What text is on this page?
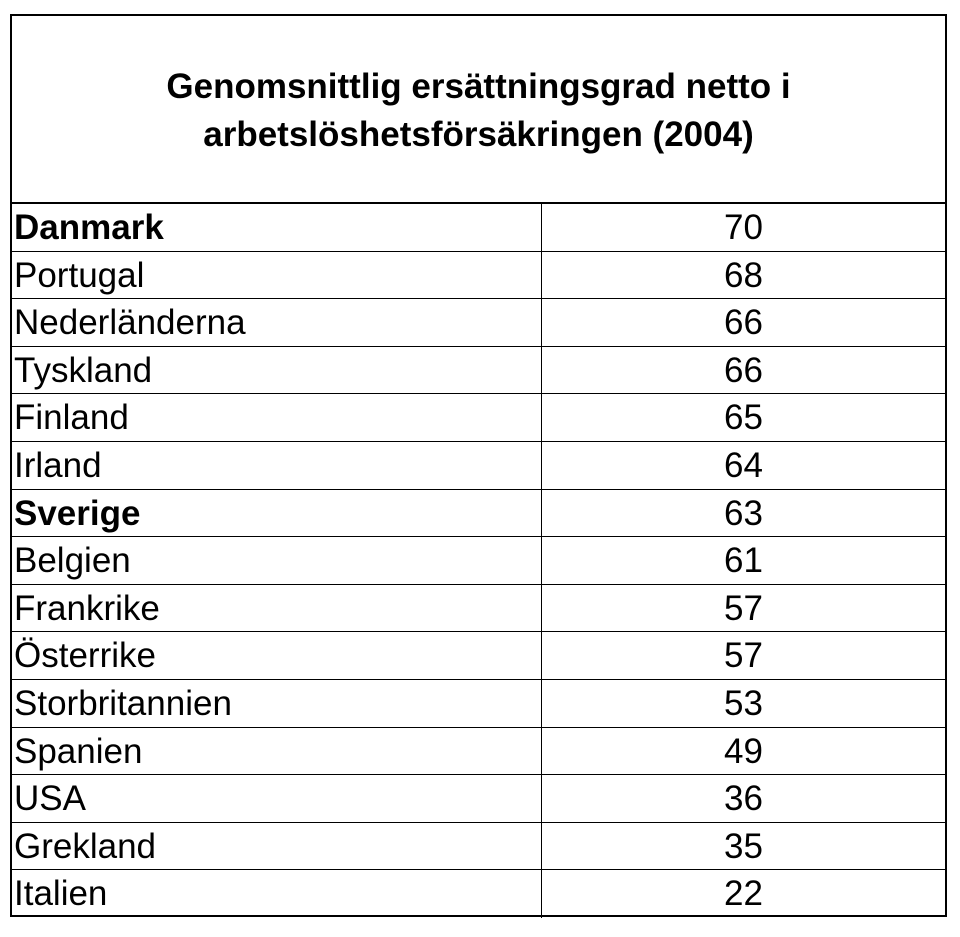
Genomsnittlig ersättningsgrad netto i
arbetslöshetsförsäkringen (2004)
Danmark	70
Portugal	68
Nederländerna	66
Tyskland	66
Finland	65
Irland	64
Sverige	63
Belgien	61
Frankrike	57
Österrike	57
Storbritannien	53
Spanien	49
USA	36
Grekland	35
Italien	22
